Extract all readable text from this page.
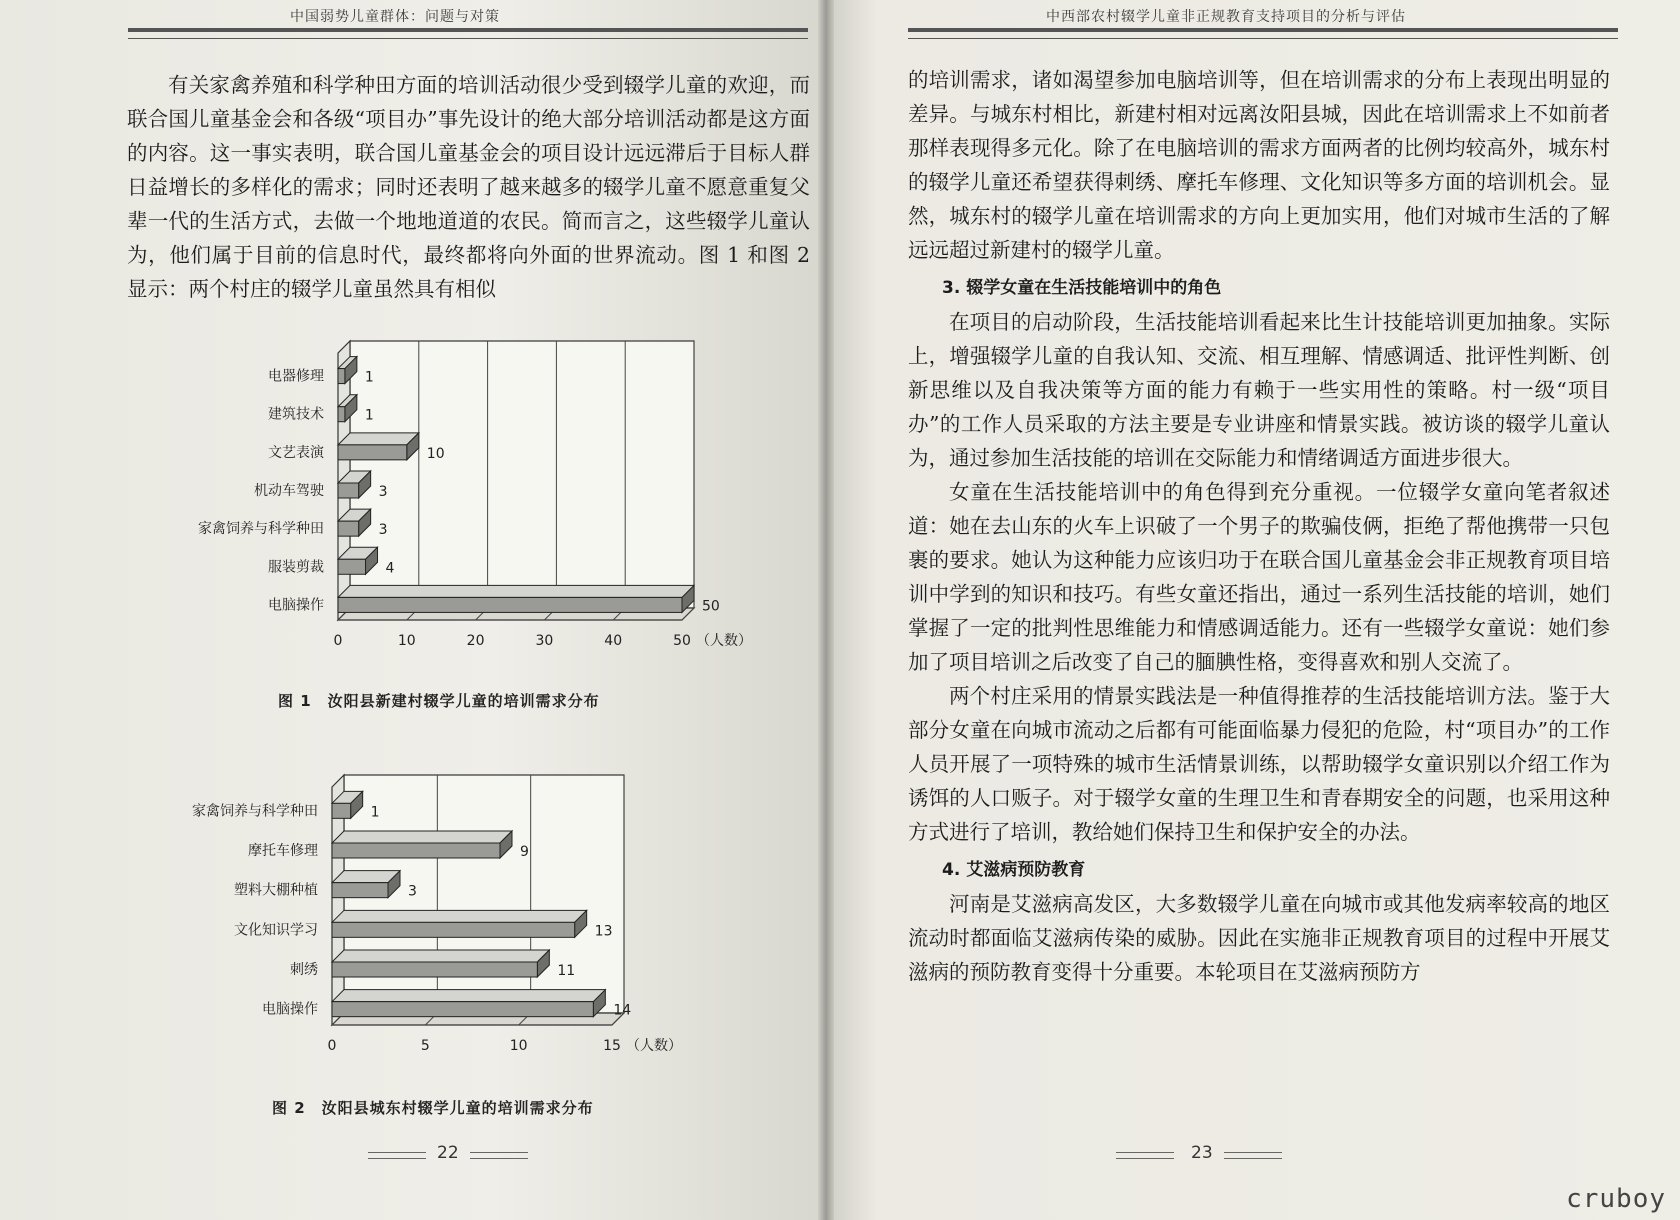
中国弱势儿童群体：问题与对策

有关家禽养殖和科学种田方面的培训活动很少受到辍学儿童的欢迎，而联合国儿童基金会和各级“项目办”事先设计的绝大部分培训活动都是这方面的内容。这一事实表明，联合国儿童基金会的项目设计远远滞后于目标人群日益增长的多样化的需求；同时还表明了越来越多的辍学儿童不愿意重复父辈一代的生活方式，去做一个地地道道的农民。简而言之，这些辍学儿童认为，他们属于目前的信息时代，最终都将向外面的世界流动。图 1 和图 2 显示：两个村庄的辍学儿童虽然具有相似

0	10	20	30	40	50 （人数）
1
电器修理
1
建筑技术
10
文艺表演
3
机动车驾驶
3
家禽饲养与科学种田
4
服装剪裁
50
电脑操作
图 1　汝阳县新建村辍学儿童的培训需求分布
0	5	10	15 （人数）
1
家禽饲养与科学种田
9
摩托车修理
3
塑料大棚种植
13
文化知识学习
11
刺绣
14
电脑操作
图 2　汝阳县城东村辍学儿童的培训需求分布
22
中西部农村辍学儿童非正规教育支持项目的分析与评估

的培训需求，诸如渴望参加电脑培训等，但在培训需求的分布上表现出明显的差异。与城东村相比，新建村相对远离汝阳县城，因此在培训需求上不如前者那样表现得多元化。除了在电脑培训的需求方面两者的比例均较高外，城东村的辍学儿童还希望获得刺绣、摩托车修理、文化知识等多方面的培训机会。显然，城东村的辍学儿童在培训需求的方向上更加实用，他们对城市生活的了解远远超过新建村的辍学儿童。

3. 辍学女童在生活技能培训中的角色

在项目的启动阶段，生活技能培训看起来比生计技能培训更加抽象。实际上，增强辍学儿童的自我认知、交流、相互理解、情感调适、批评性判断、创新思维以及自我决策等方面的能力有赖于一些实用性的策略。村一级“项目办”的工作人员采取的方法主要是专业讲座和情景实践。被访谈的辍学儿童认为，通过参加生活技能的培训在交际能力和情绪调适方面进步很大。

女童在生活技能培训中的角色得到充分重视。一位辍学女童向笔者叙述道：她在去山东的火车上识破了一个男子的欺骗伎俩，拒绝了帮他携带一只包裹的要求。她认为这种能力应该归功于在联合国儿童基金会非正规教育项目培训中学到的知识和技巧。有些女童还指出，通过一系列生活技能的培训，她们掌握了一定的批判性思维能力和情感调适能力。还有一些辍学女童说：她们参加了项目培训之后改变了自己的腼腆性格，变得喜欢和别人交流了。

两个村庄采用的情景实践法是一种值得推荐的生活技能培训方法。鉴于大部分女童在向城市流动之后都有可能面临暴力侵犯的危险，村“项目办”的工作人员开展了一项特殊的城市生活情景训练，以帮助辍学女童识别以介绍工作为诱饵的人口贩子。对于辍学女童的生理卫生和青春期安全的问题，也采用这种方式进行了培训，教给她们保持卫生和保护安全的办法。

4. 艾滋病预防教育

河南是艾滋病高发区，大多数辍学儿童在向城市或其他发病率较高的地区流动时都面临艾滋病传染的威胁。因此在实施非正规教育项目的过程中开展艾滋病的预防教育变得十分重要。本轮项目在艾滋病预防方

23
cruboy
